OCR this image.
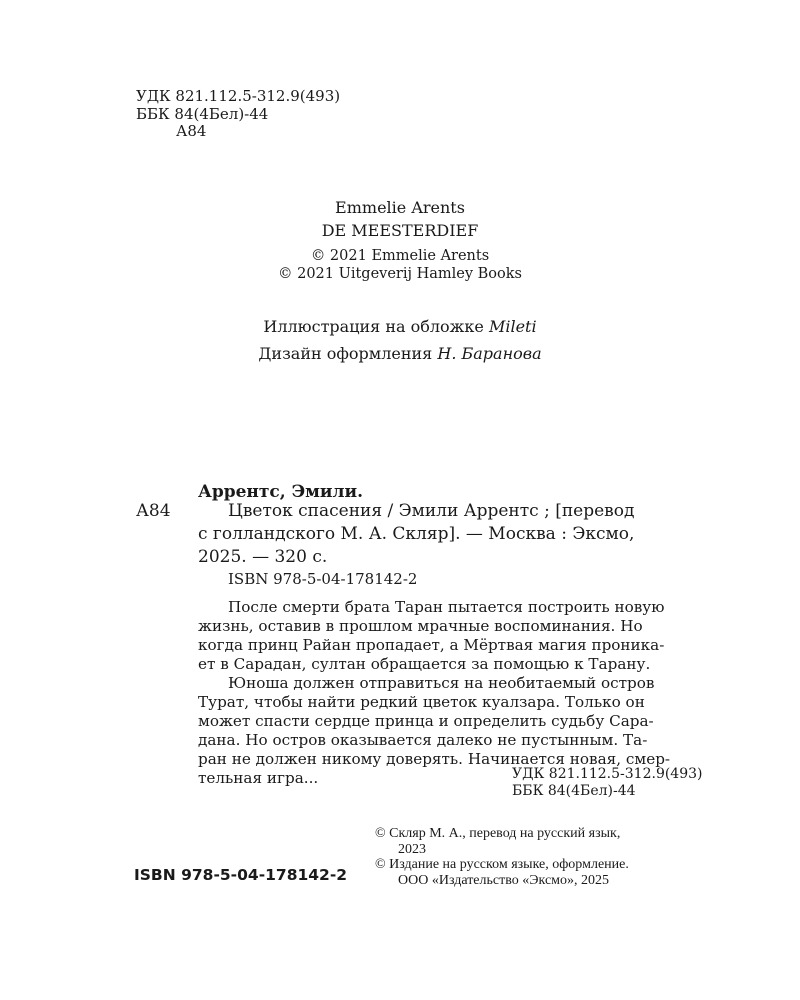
УДК 821.112.5-312.9(493)
ББК 84(4Бел)-44
А84
Emmelie Arents
DE MEESTERDIEF
© 2021 Emmelie Arents
© 2021 Uitgeverij Hamley Books
Иллюстрация на обложке Mileti
Дизайн оформления Н. Баранова
Аррентс, Эмили.
А84	Цветок спасения / Эмили Аррентс ; [перевод
с голландского М. А. Скляр]. — Москва : Эксмо,
2025. — 320 с.
ISBN 978-5-04-178142-2

После смерти брата Таран пытается построить новую

жизнь, оставив в прошлом мрачные воспоминания. Но

когда принц Райан пропадает, а Мёртвая магия проника-

ет в Сарадан, султан обращается за помощью к Тарану.

Юноша должен отправиться на необитаемый остров

Турат, чтобы найти редкий цветок куалзара. Только он

может спасти сердце принца и определить судьбу Сара-

дана. Но остров оказывается далеко не пустынным. Та-

ран не должен никому доверять. Начинается новая, смер-

тельная игра...	УДК 821.112.5-312.9(493)
ББК 84(4Бел)-44
ISBN 978-5-04-178142-2
© Скляр М. А., перевод на русский язык,
2023
© Издание на русском языке, оформление.
ООО «Издательство «Эксмо», 2025
